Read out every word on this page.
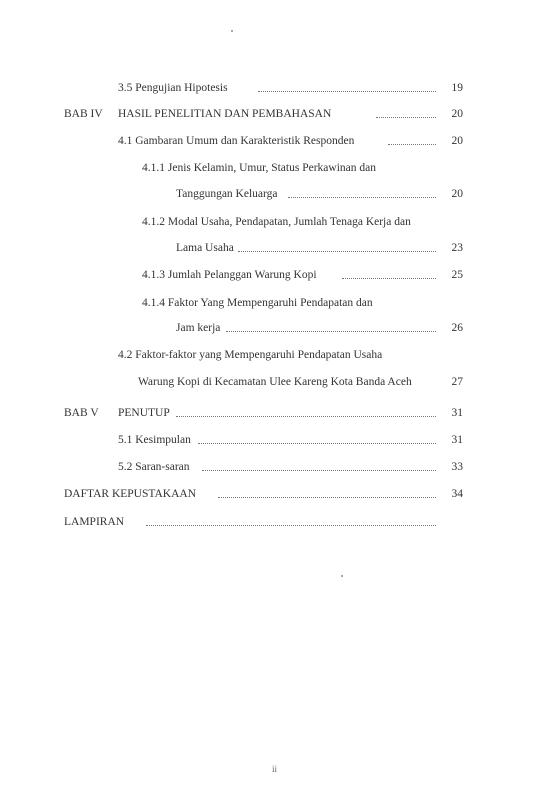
3.5 Pengujian Hipotesis	19
BAB IV HASIL PENELITIAN DAN PEMBAHASAN	20
4.1 Gambaran Umum dan Karakteristik Responden	20
4.1.1 Jenis Kelamin, Umur, Status Perkawinan dan
Tanggungan Keluarga	20
4.1.2 Modal Usaha, Pendapatan, Jumlah Tenaga Kerja dan
Lama Usaha	23
4.1.3 Jumlah Pelanggan Warung Kopi	25
4.1.4 Faktor Yang Mempengaruhi Pendapatan dan
Jam kerja	26
4.2 Faktor-faktor yang Mempengaruhi Pendapatan Usaha
Warung Kopi di Kecamatan Ulee Kareng Kota Banda Aceh	27
BAB V PENUTUP	31
5.1 Kesimpulan	31
5.2 Saran-saran	33
DAFTAR KEPUSTAKAAN	34
LAMPIRAN
ii
